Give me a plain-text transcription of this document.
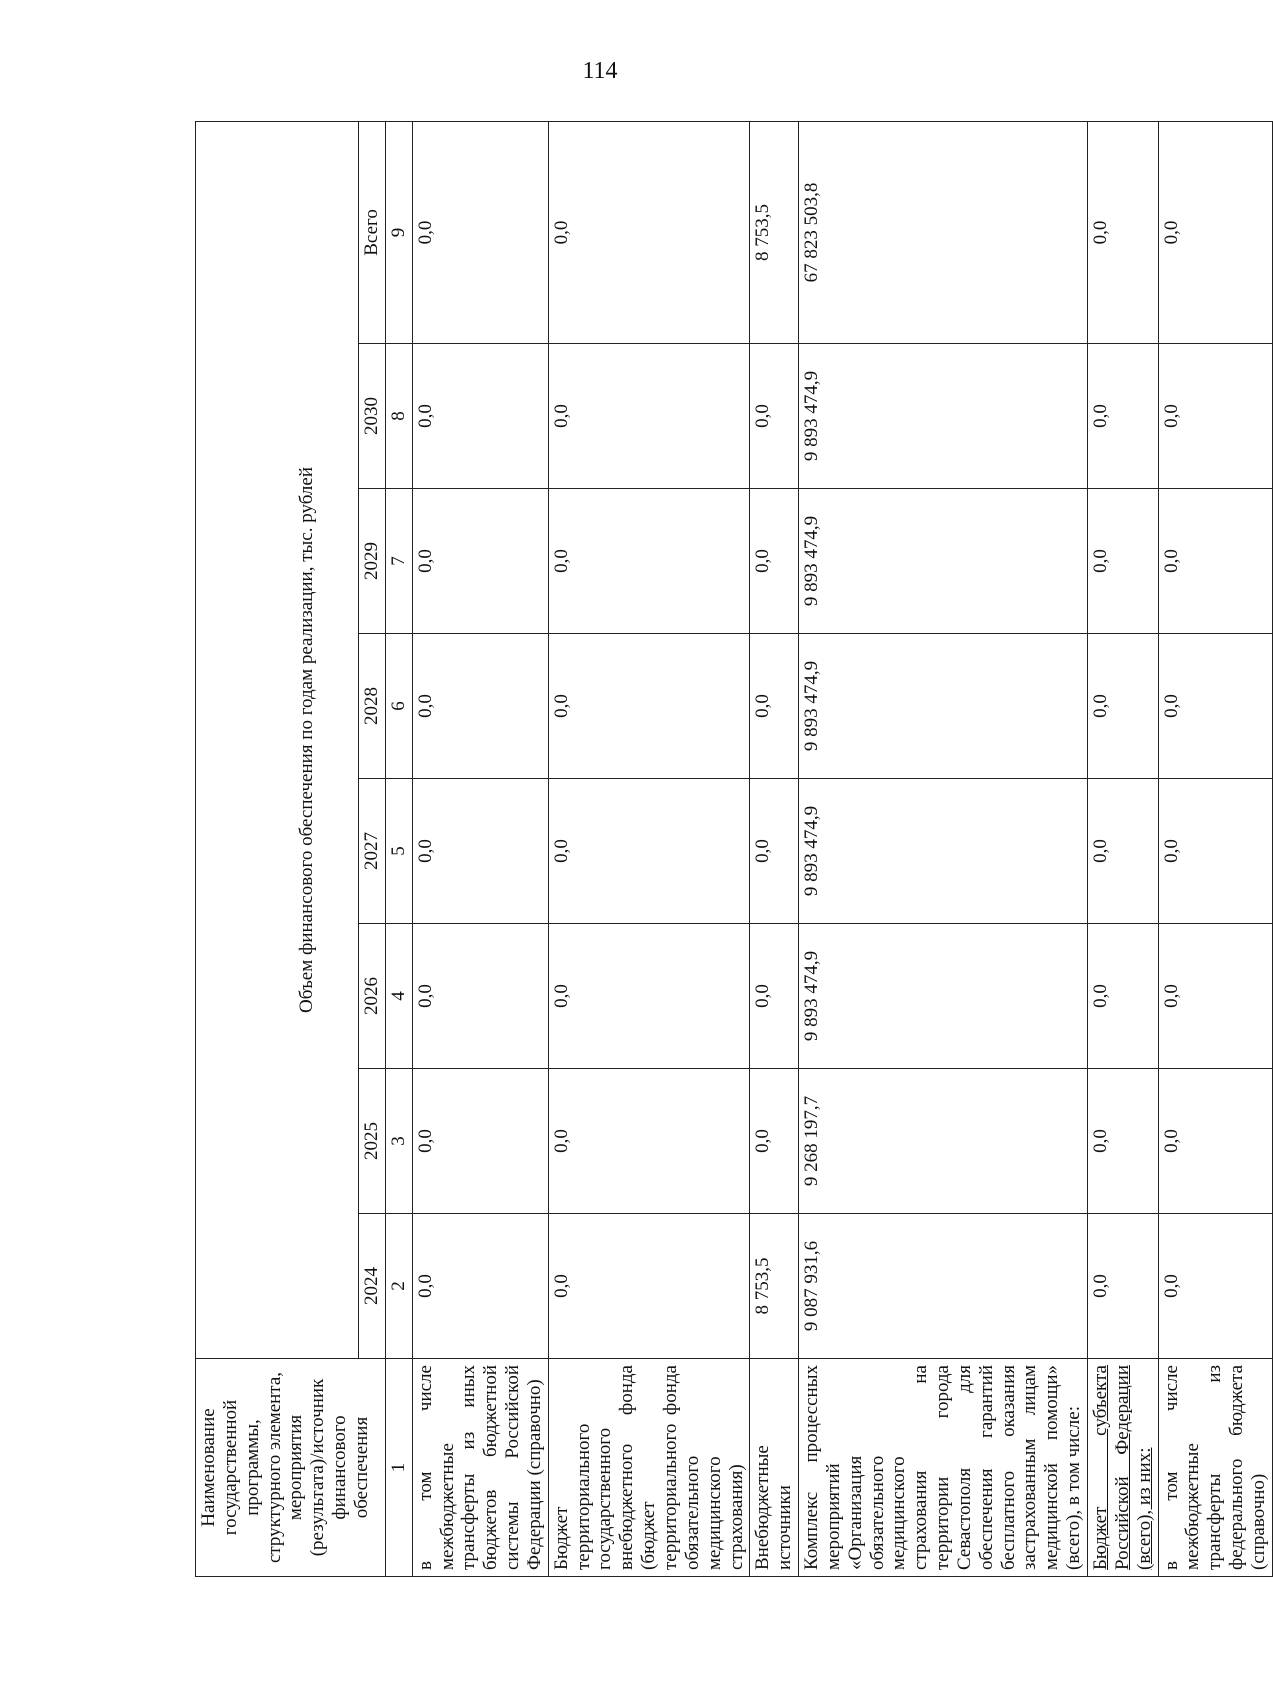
114
Наименование государственной программы, структурного элемента, мероприятия (результата)/источник финансового обеспечения	Объем финансового обеспечения по годам реализации, тыс. рублей							
	2024	2025	2026	2027	2028	2029	2030	Всего
1	2	3	4	5	6	7	8	9
в том числе межбюджетные трансферты из иных бюджетов бюджетной системы Российской Федерации (справочно)	0,0	0,0	0,0	0,0	0,0	0,0	0,0	0,0
Бюджет территориального государственного внебюджетного фонда (бюджет территориального фонда обязательного медицинского страхования)	0,0	0,0	0,0	0,0	0,0	0,0	0,0	0,0
Внебюджетные источники	8 753,5	0,0	0,0	0,0	0,0	0,0	0,0	8 753,5
Комплекс процессных мероприятий «Организация обязательного медицинского страхования на территории города Севастополя для обеспечения гарантий бесплатного оказания застрахованным лицам медицинской помощи» (всего), в том числе:	9 087 931,6	9 268 197,7	9 893 474,9	9 893 474,9	9 893 474,9	9 893 474,9	9 893 474,9	67 823 503,8
Бюджет субъекта Российской Федерации (всего), из них:	0,0	0,0	0,0	0,0	0,0	0,0	0,0	0,0
в том числе межбюджетные трансферты из федерального бюджета (справочно)	0,0	0,0	0,0	0,0	0,0	0,0	0,0	0,0
